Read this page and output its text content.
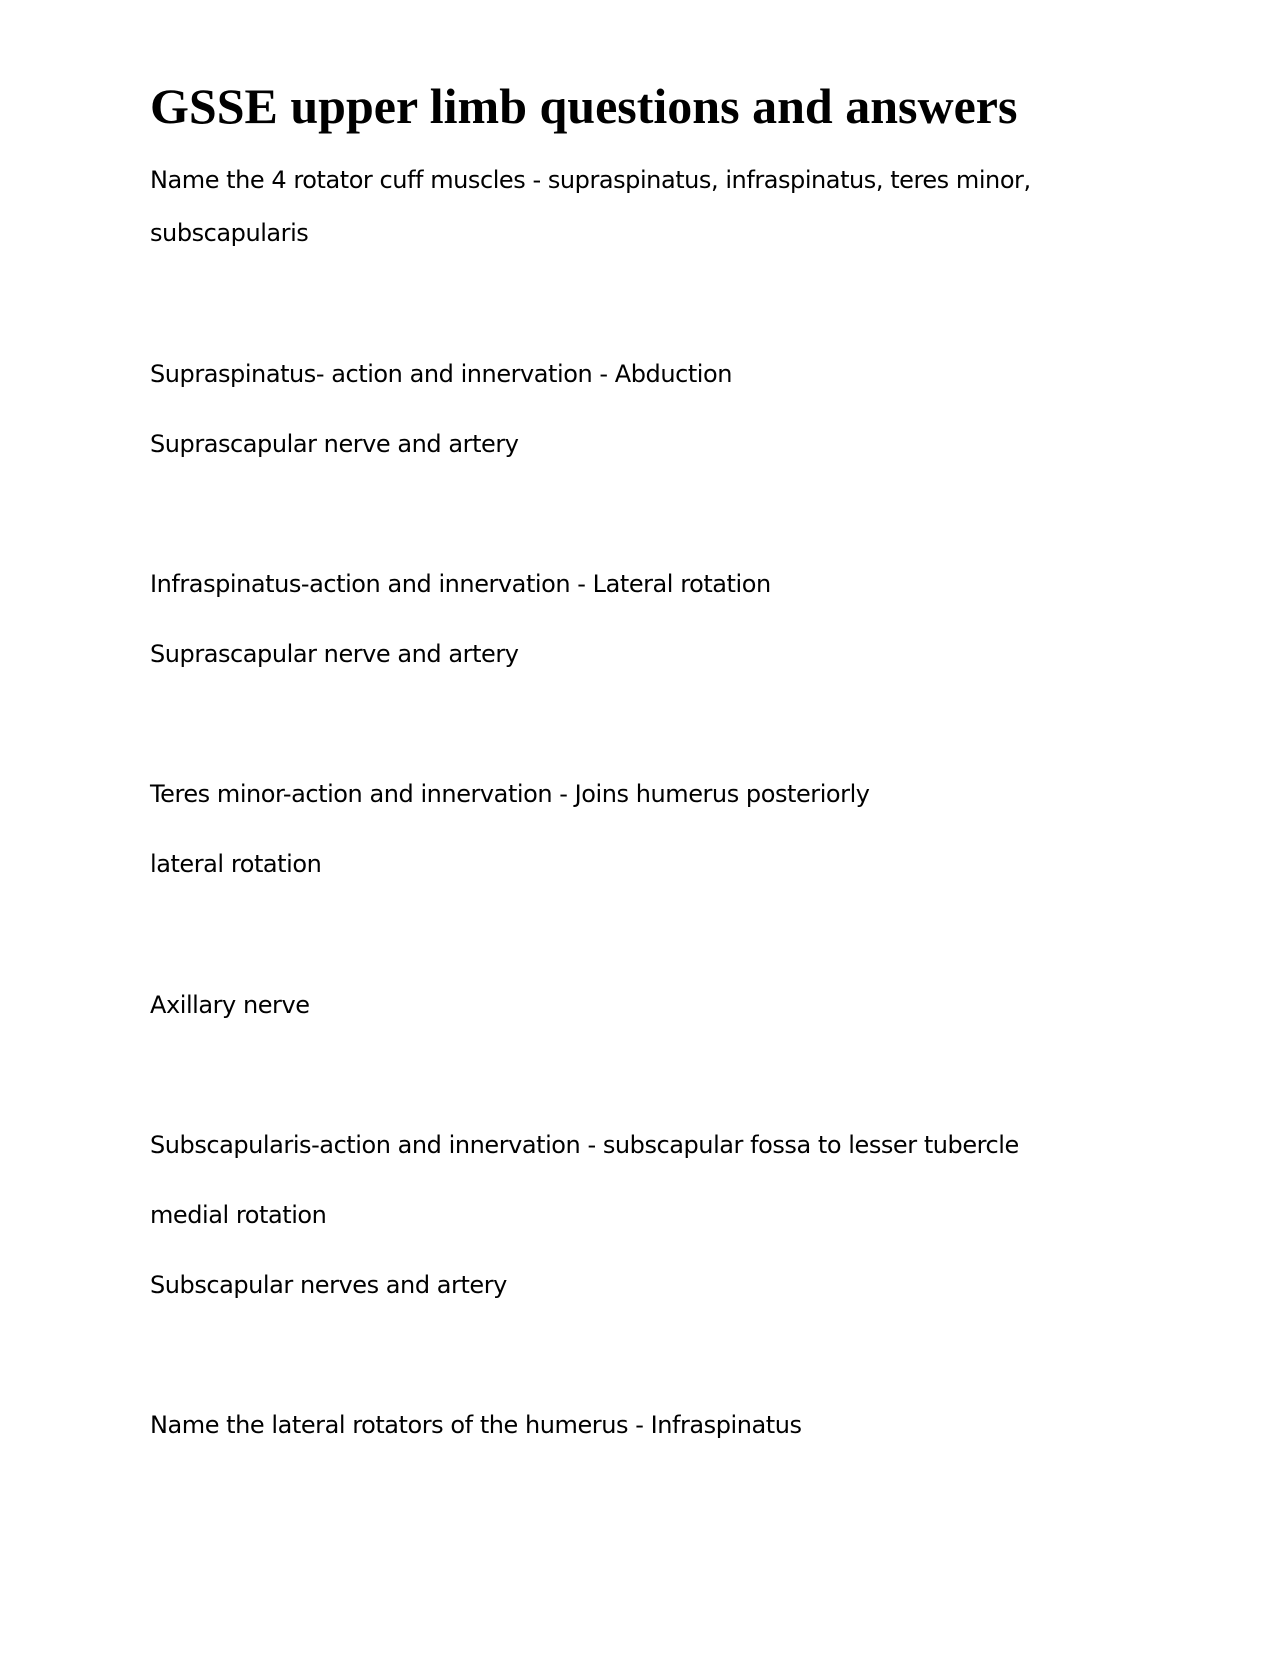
GSSE upper limb questions and answers

Name the 4 rotator cuff muscles - supraspinatus, infraspinatus, teres minor,

subscapularis

Supraspinatus- action and innervation - Abduction

Suprascapular nerve and artery

Infraspinatus-action and innervation - Lateral rotation

Suprascapular nerve and artery

Teres minor-action and innervation - Joins humerus posteriorly

lateral rotation

Axillary nerve

Subscapularis-action and innervation - subscapular fossa to lesser tubercle

medial rotation

Subscapular nerves and artery

Name the lateral rotators of the humerus - Infraspinatus
